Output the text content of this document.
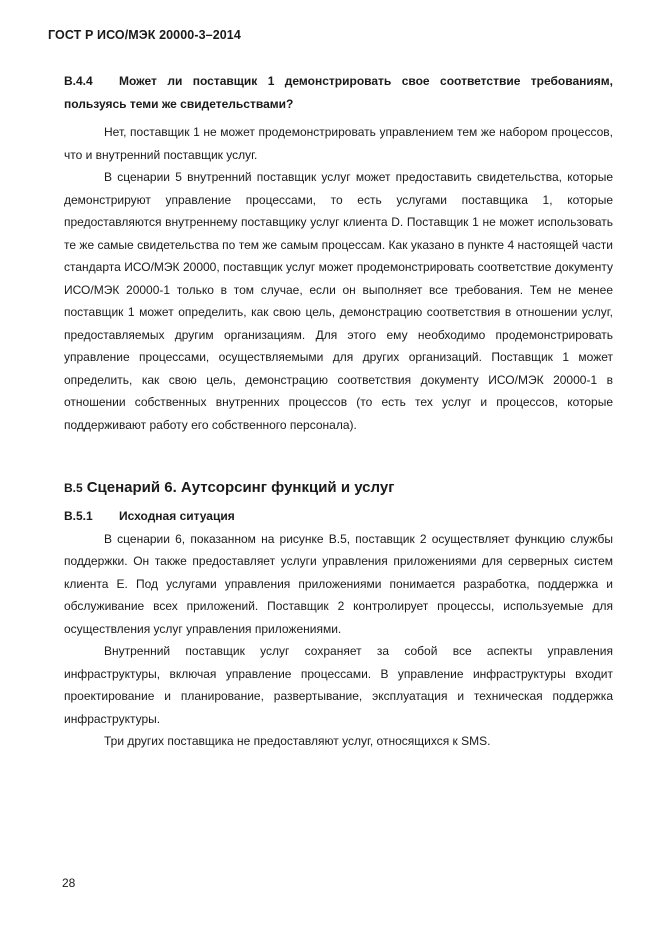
ГОСТ Р ИСО/МЭК 20000-3–2014
B.4.4 Может ли поставщик 1 демонстрировать свое соответствие требованиям, пользуясь теми же свидетельствами?

Нет, поставщик 1 не может продемонстрировать управлением тем же набором процессов, что и внутренний поставщик услуг.

В сценарии 5 внутренний поставщик услуг может предоставить свидетельства, которые демонстрируют управление процессами, то есть услугами поставщика 1, которые предоставляются внутреннему поставщику услуг клиента D. Поставщик 1 не может использовать те же самые свидетельства по тем же самым процессам. Как указано в пункте 4 настоящей части стандарта ИСО/МЭК 20000, поставщик услуг может продемонстрировать соответствие документу ИСО/МЭК 20000-1 только в том случае, если он выполняет все требования. Тем не менее поставщик 1 может определить, как свою цель, демонстрацию соответствия в отношении услуг, предоставляемых другим организациям. Для этого ему необходимо продемонстрировать управление процессами, осуществляемыми для других организаций. Поставщик 1 может определить, как свою цель, демонстрацию соответствия документу ИСО/МЭК 20000-1 в отношении собственных внутренних процессов (то есть тех услуг и процессов, которые поддерживают работу его собственного персонала).

B.5 Сценарий 6. Аутсорсинг функций и услуг
B.5.1 Исходная ситуация

В сценарии 6, показанном на рисунке B.5, поставщик 2 осуществляет функцию службы поддержки. Он также предоставляет услуги управления приложениями для серверных систем клиента E. Под услугами управления приложениями понимается разработка, поддержка и обслуживание всех приложений. Поставщик 2 контролирует процессы, используемые для осуществления услуг управления приложениями.

Внутренний поставщик услуг сохраняет за собой все аспекты управления инфраструктуры, включая управление процессами. В управление инфраструктуры входит проектирование и планирование, развертывание, эксплуатация и техническая поддержка инфраструктуры.

Три других поставщика не предоставляют услуг, относящихся к SMS.

28
